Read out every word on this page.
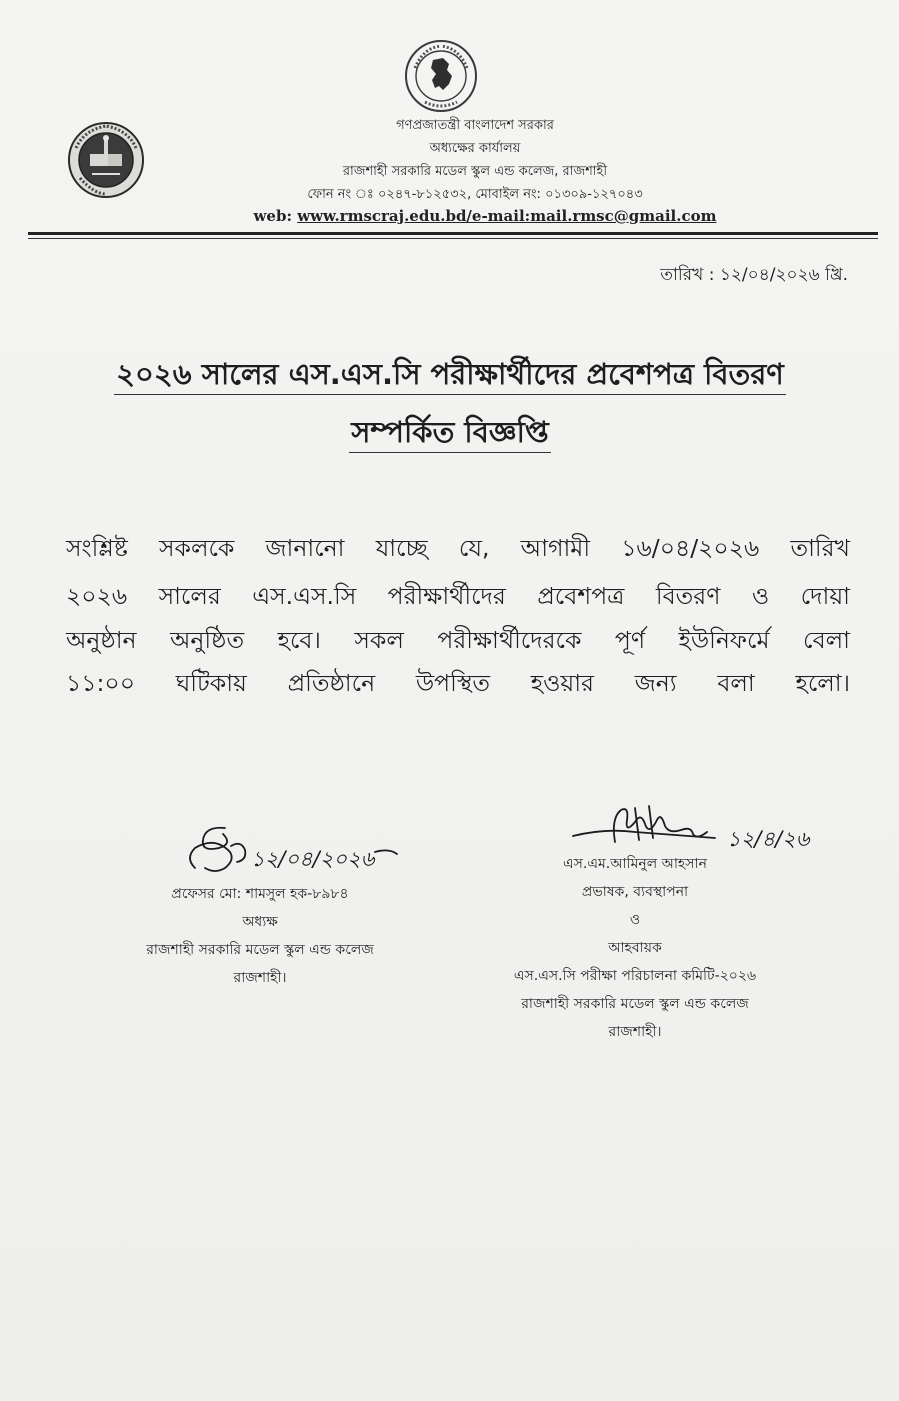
গণপ্রজাতন্ত্রী বাংলাদেশ সরকার
অধ্যক্ষের কার্যালয়
রাজশাহী সরকারি মডেল স্কুল এন্ড কলেজ, রাজশাহী
ফোন নং ঃ ০২৪৭-৮১২৫৩২, মোবাইল নং: ০১৩০৯-১২৭০৪৩
web: www.rmscraj.edu.bd/e-mail:mail.rmsc@gmail.com
তারিখ : ১২/০৪/২০২৬ খ্রি.
২০২৬ সালের এস.এস.সি পরীক্ষার্থীদের প্রবেশপত্র বিতরণ
সম্পর্কিত বিজ্ঞপ্তি
সংশ্লিষ্ট সকলকে জানানো যাচ্ছে যে, আগামী ১৬/০৪/২০২৬ তারিখ
২০২৬ সালের এস.এস.সি পরীক্ষার্থীদের প্রবেশপত্র বিতরণ ও দোয়া
অনুষ্ঠান অনুষ্ঠিত হবে। সকল পরীক্ষার্থীদেরকে পূর্ণ ইউনিফর্মে বেলা
১১:০০ ঘটিকায় প্রতিষ্ঠানে উপস্থিত হওয়ার জন্য বলা হলো।
১২/০৪/২০২৬
প্রফেসর মো: শামসুল হক-৮৯৮৪
অধ্যক্ষ
রাজশাহী সরকারি মডেল স্কুল এন্ড কলেজ
রাজশাহী।
১২/৪/২৬
এস.এম.আমিনুল আহসান
প্রভাষক, ব্যবস্থাপনা
ও
আহবায়ক
এস.এস.সি পরীক্ষা পরিচালনা কমিটি-২০২৬
রাজশাহী সরকারি মডেল স্কুল এন্ড কলেজ
রাজশাহী।
